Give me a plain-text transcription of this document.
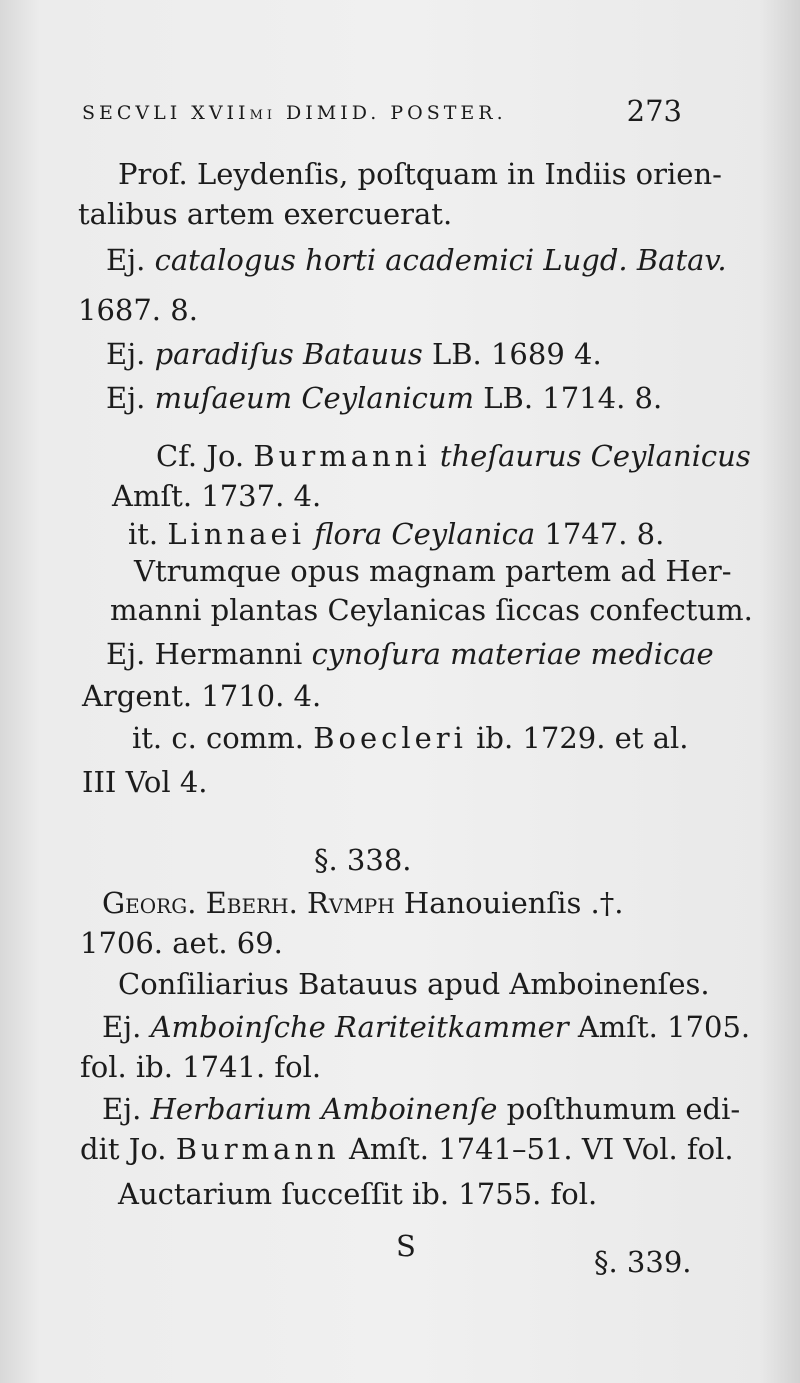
SECVLI XVIImi DIMID. POSTER.	273
Prof. Leydenſis, poſtquam in Indiis orien-
talibus artem exercuerat.
Ej. catalogus horti academici Lugd. Batav.
1687. 8.
Ej. paradiſus Batauus LB. 1689 4.
Ej. muſaeum Ceylanicum LB. 1714. 8.
Cf. Jo. Burmanni theſaurus Ceylanicus
Amſt. 1737. 4.
it. Linnaei flora Ceylanica 1747. 8.
Vtrumque opus magnam partem ad Her-
manni plantas Ceylanicas ſiccas confectum.
Ej. Hermanni cynoſura materiae medicae
Argent. 1710. 4.
it. c. comm. Boecleri ib. 1729. et al.
III Vol 4.
§. 338.
Georg. Eberh. Rvmph Hanouienſis .†.
1706. aet. 69.
Conſiliarius Batauus apud Amboinenſes.
Ej. Amboinſche Rariteitkammer Amſt. 1705.
fol. ib. 1741. fol.
Ej. Herbarium Amboinenſe poſthumum edi-
dit Jo. Burmann Amſt. 1741–51. VI Vol. fol.
Auctarium ſucceſſit ib. 1755. fol.
S	§. 339.
